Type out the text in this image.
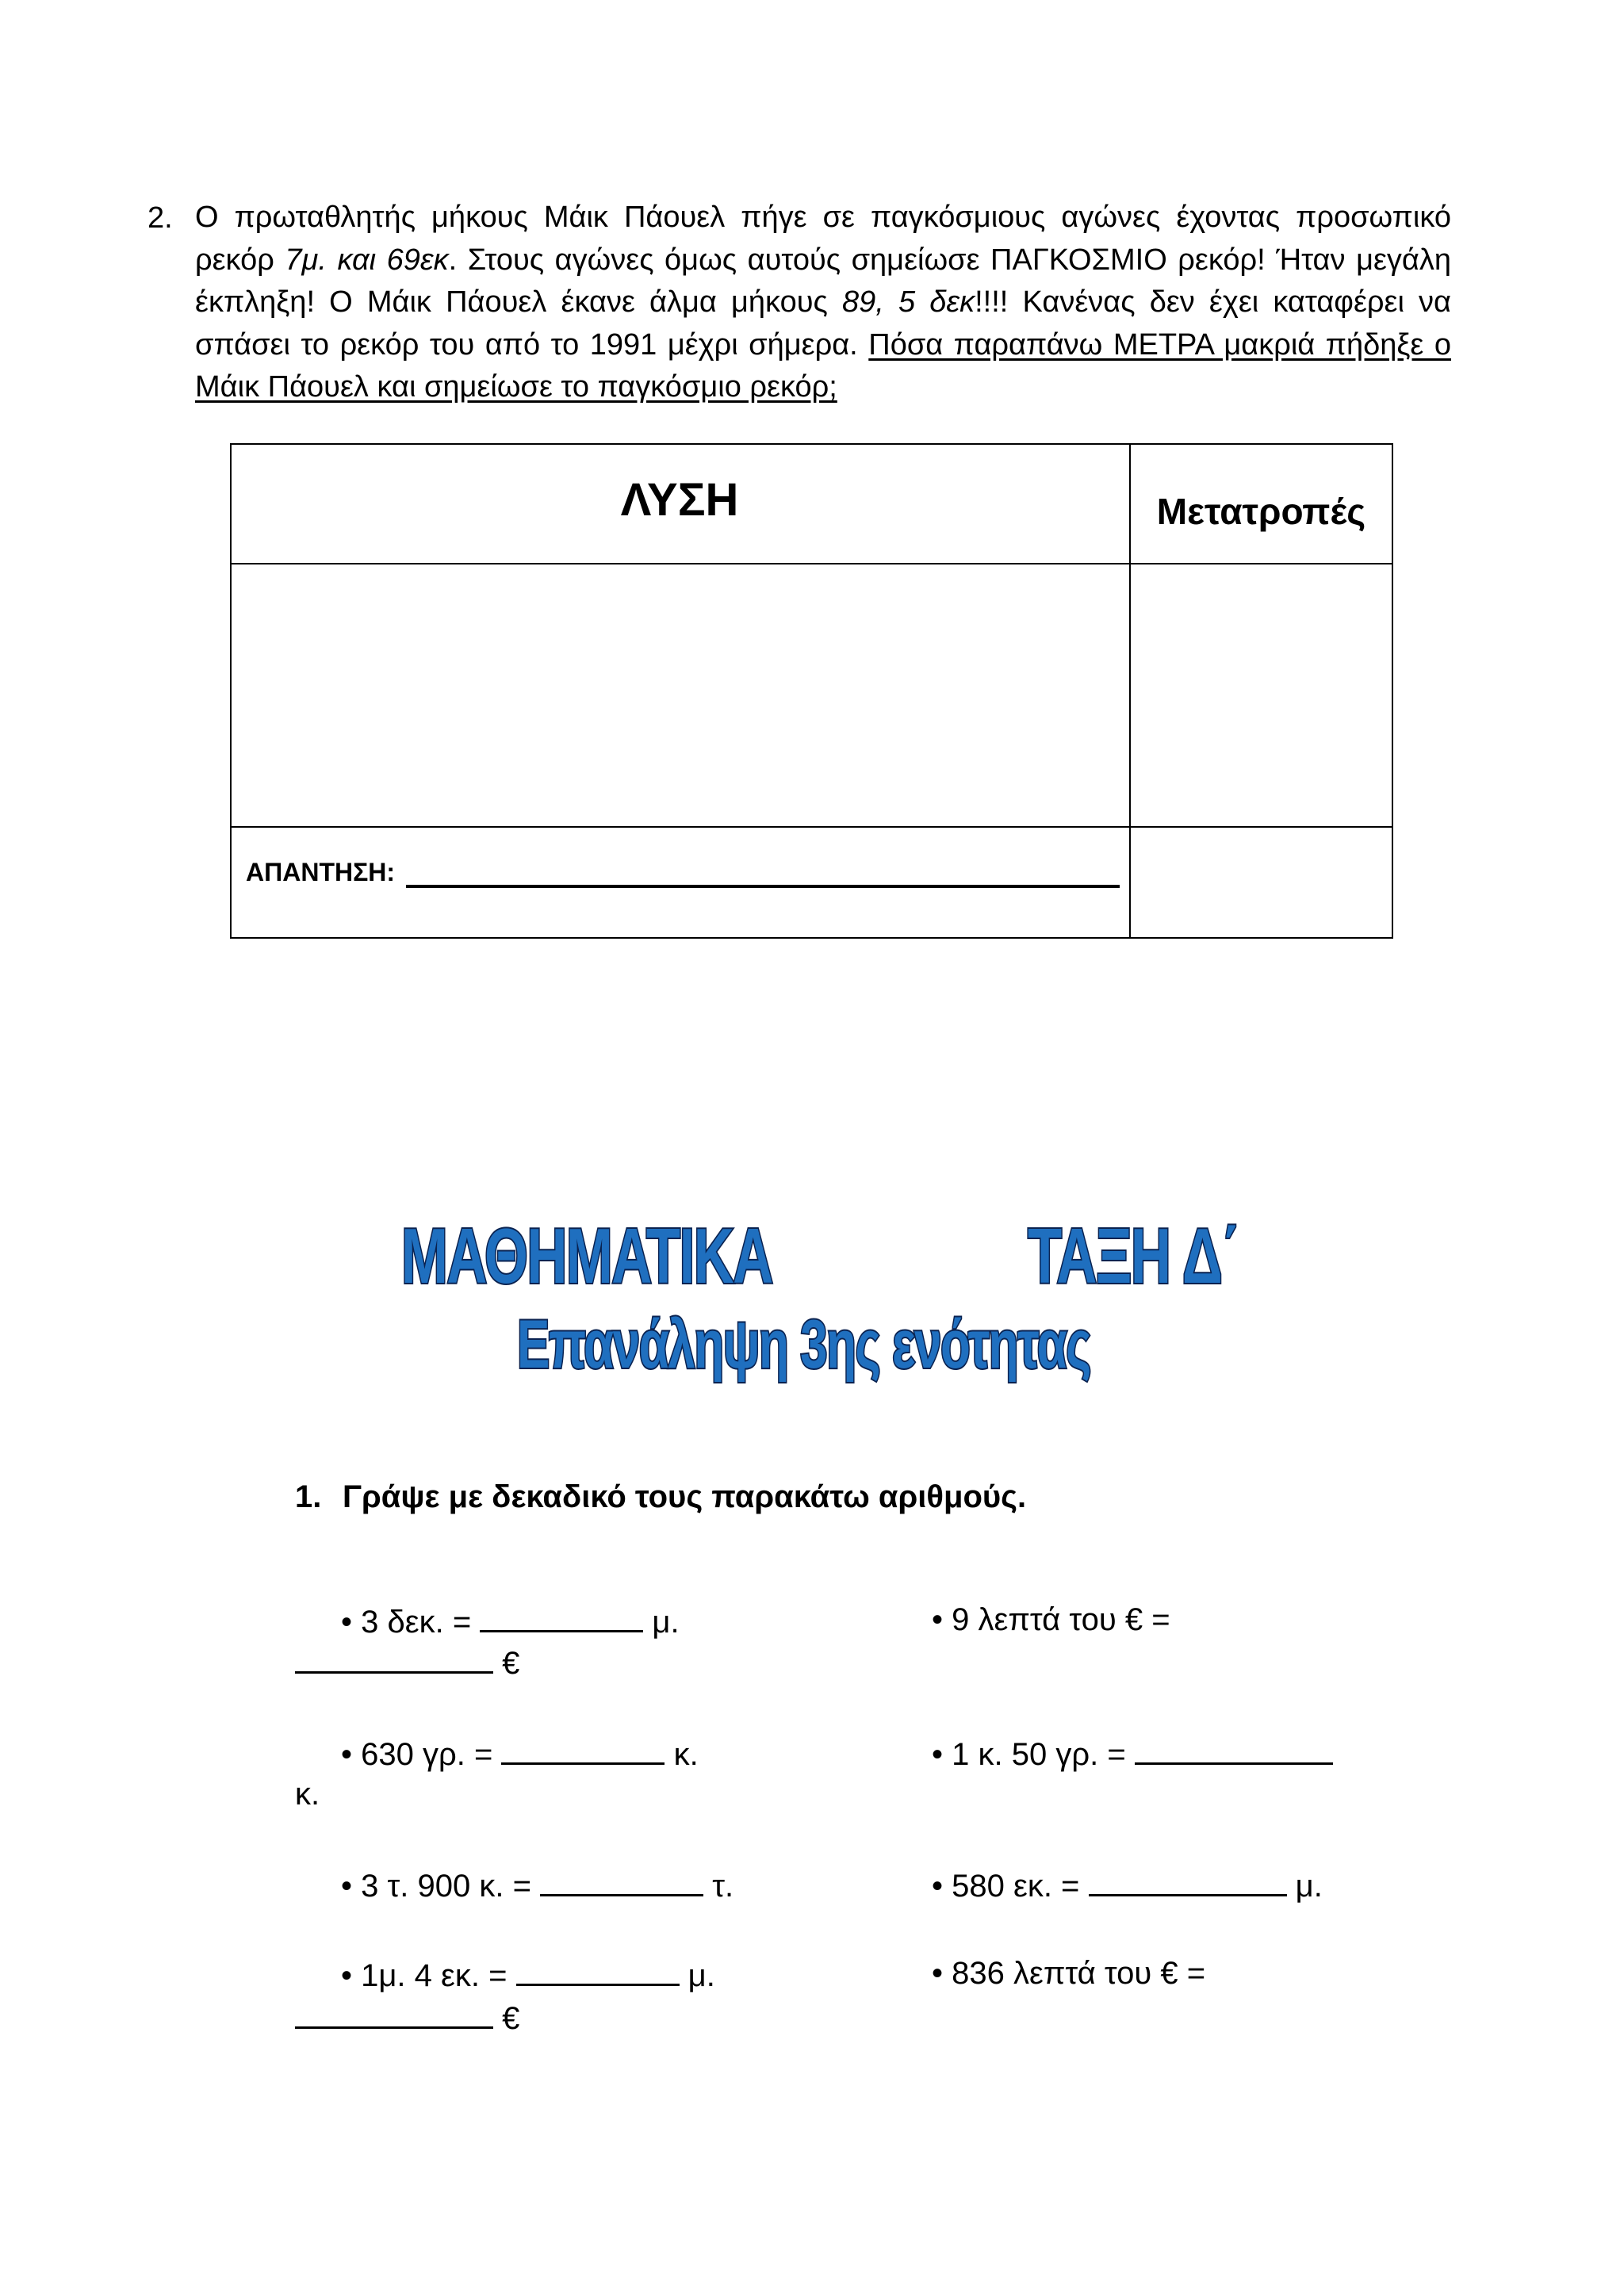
2. Ο πρωταθλητής μήκους Μάικ Πάουελ πήγε σε παγκόσμιους αγώνες έχοντας προσωπικό ρεκόρ 7μ. και 69εκ. Στους αγώνες όμως αυτούς σημείωσε ΠΑΓΚΟΣΜΙΟ ρεκόρ! Ήταν μεγάλη έκπληξη! Ο Μάικ Πάουελ έκανε άλμα μήκους 89, 5 δεκ!!!! Κανένας δεν έχει καταφέρει να σπάσει το ρεκόρ του από το 1991 μέχρι σήμερα. Πόσα παραπάνω ΜΕΤΡΑ μακριά πήδηξε ο Μάικ Πάουελ και σημείωσε το παγκόσμιο ρεκόρ;
ΛΥΣΗ	Μετατροπές
ΑΠΑΝΤΗΣΗ:
ΜΑΘΗΜΑΤΙΚΑ	ΤΑΞΗ Δ΄
Επανάληψη 3ης ενότητας
1. Γράψε με δεκαδικό τους παρακάτω αριθμούς.
• 3 δεκ. =	μ.	• 9 λεπτά του € =
€
• 630 γρ. =	κ.	• 1 κ. 50 γρ. =
κ.
• 3 τ. 900 κ. =	τ.	• 580 εκ. =	μ.
• 1μ. 4 εκ. =	μ.	• 836 λεπτά του € =
€
